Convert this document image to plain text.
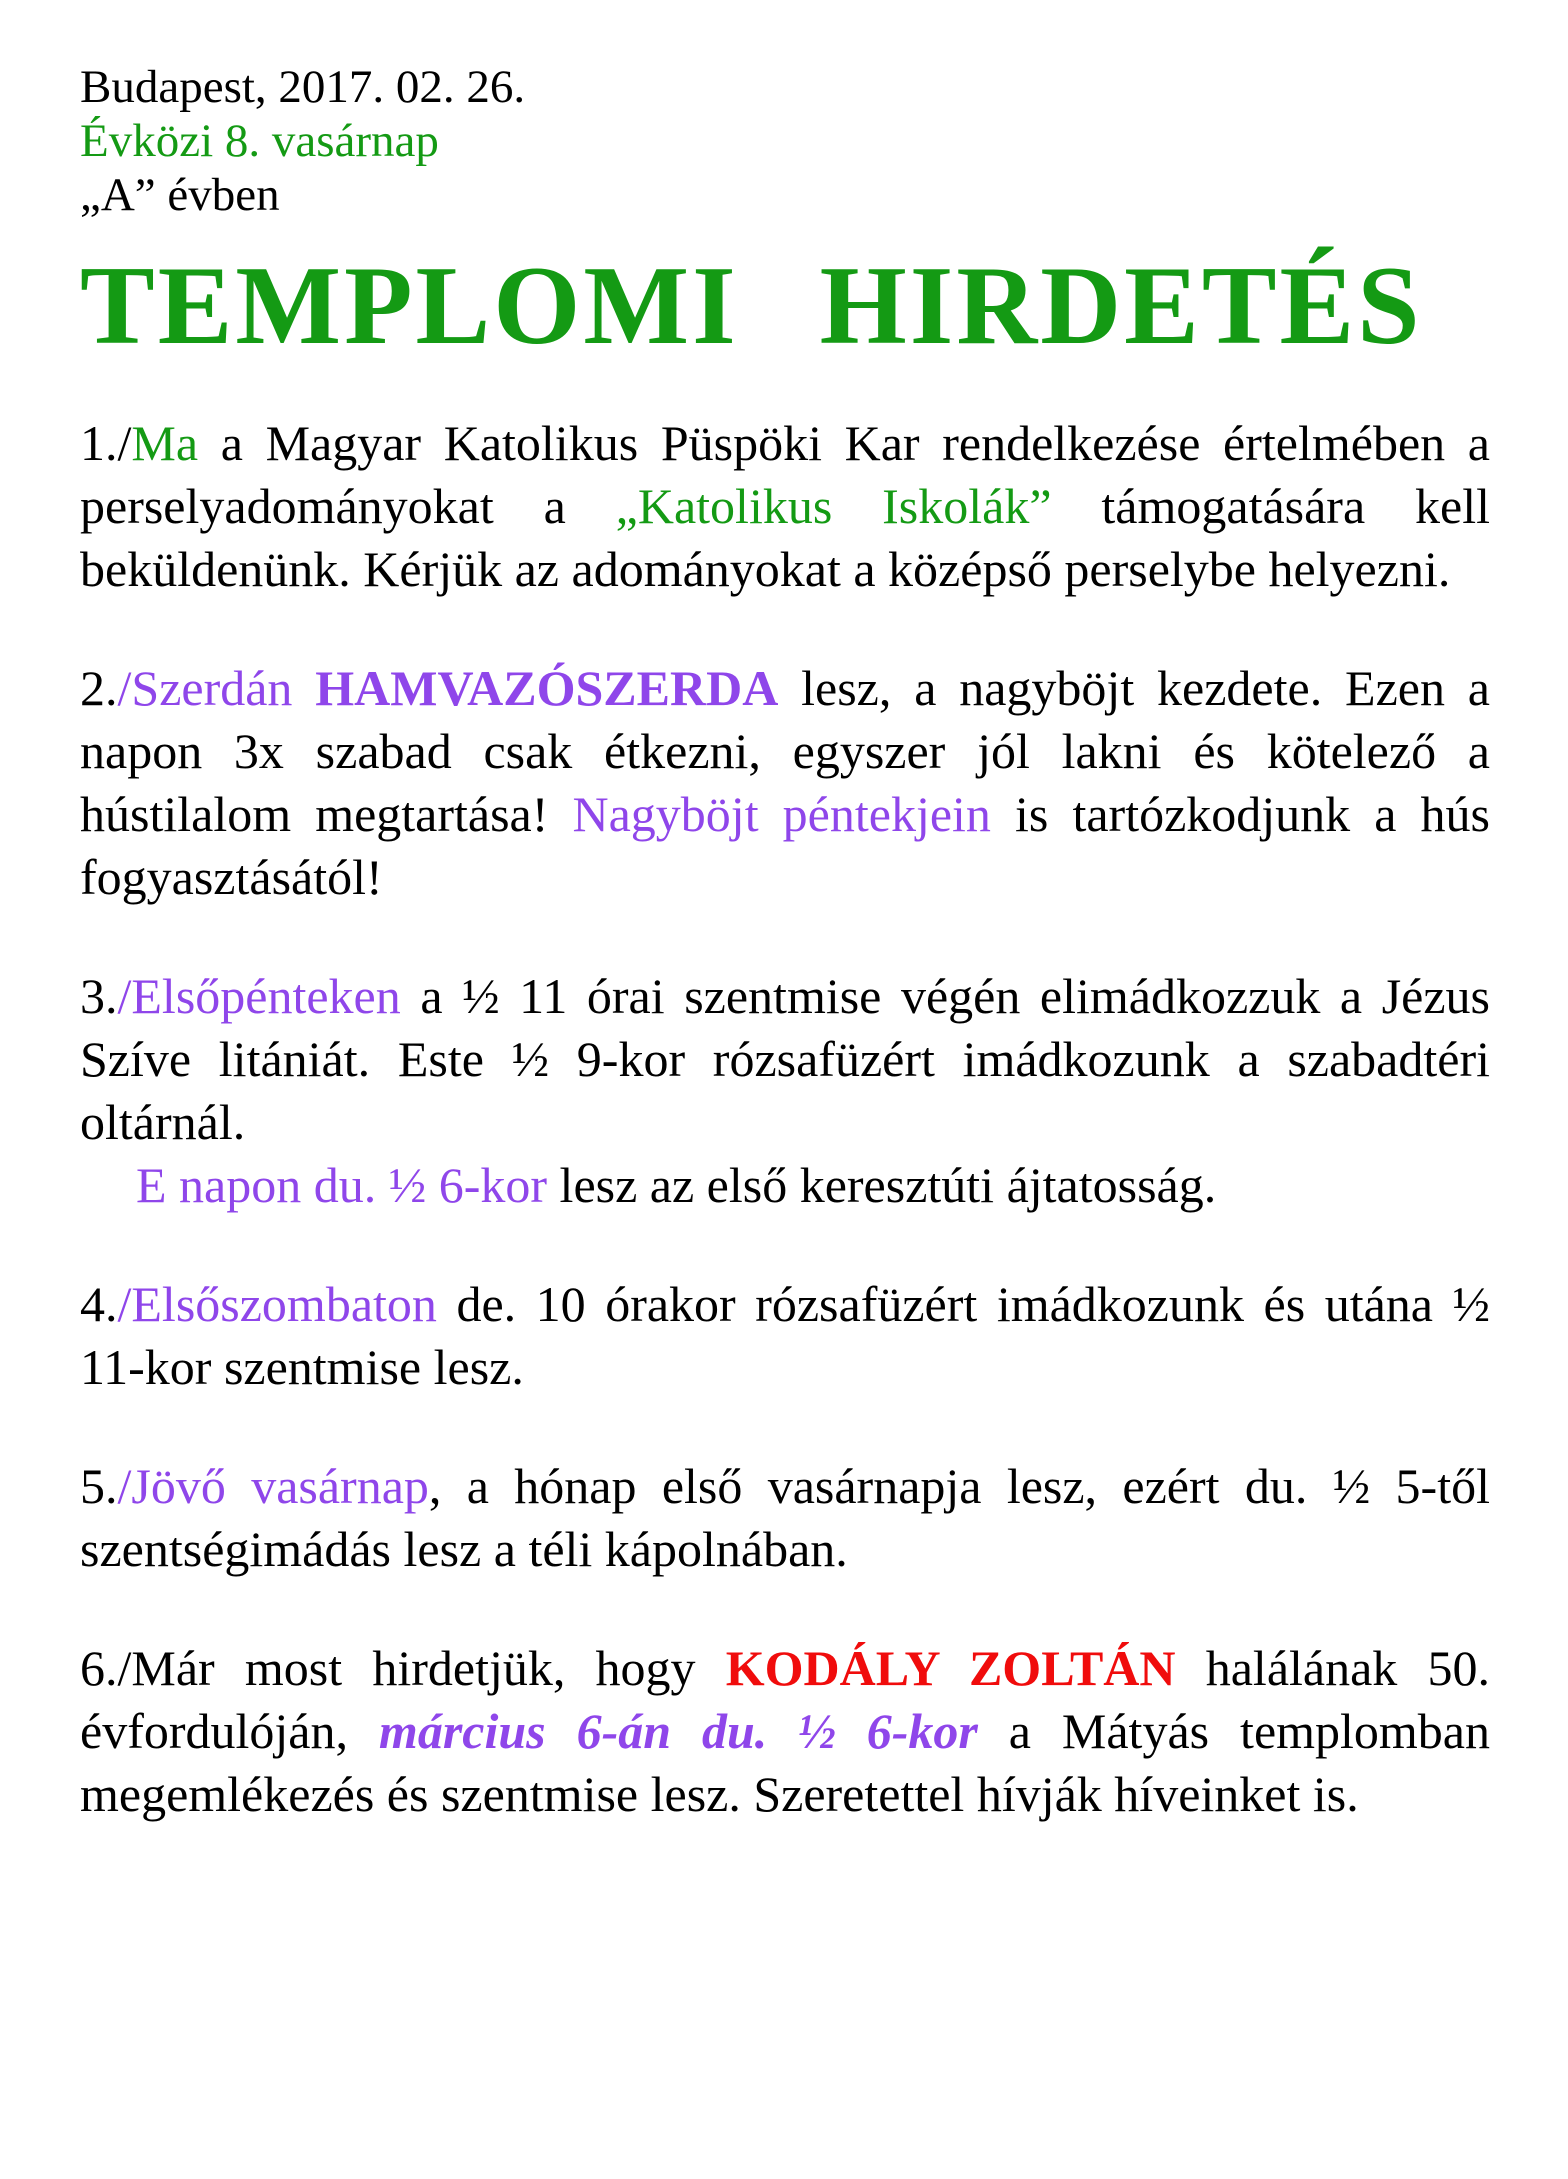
Budapest, 2017. 02. 26.

Évközi 8. vasárnap

„A” évben

TEMPLOMI HIRDETÉS

1./Ma a Magyar Katolikus Püspöki Kar rendelkezése értelmében a perselyadományokat a „Katolikus Iskolák” támogatására kell beküldenünk. Kérjük az adományokat a középső perselybe helyezni.

2./Szerdán HAMVAZÓSZERDA lesz, a nagyböjt kezdete. Ezen a napon 3x szabad csak étkezni, egyszer jól lakni és kötelező a hústilalom megtartása! Nagyböjt péntekjein is tartózkodjunk a hús fogyasztásától!

3./Elsőpénteken a ½ 11 órai szentmise végén elimádkozzuk a Jézus Szíve litániát. Este ½ 9-kor rózsafüzért imádkozunk a szabadtéri oltárnál.

E napon du. ½ 6-kor lesz az első keresztúti ájtatosság.

4./Elsőszombaton de. 10 órakor rózsafüzért imádkozunk és utána ½ 11-kor szentmise lesz.

5./Jövő vasárnap, a hónap első vasárnapja lesz, ezért du. ½ 5-től szentségimádás lesz a téli kápolnában.

6./Már most hirdetjük, hogy KODÁLY ZOLTÁN halálának 50. évfordulóján, március 6-án du. ½ 6-kor a Mátyás templomban megemlékezés és szentmise lesz. Szeretettel hívják híveinket is.
